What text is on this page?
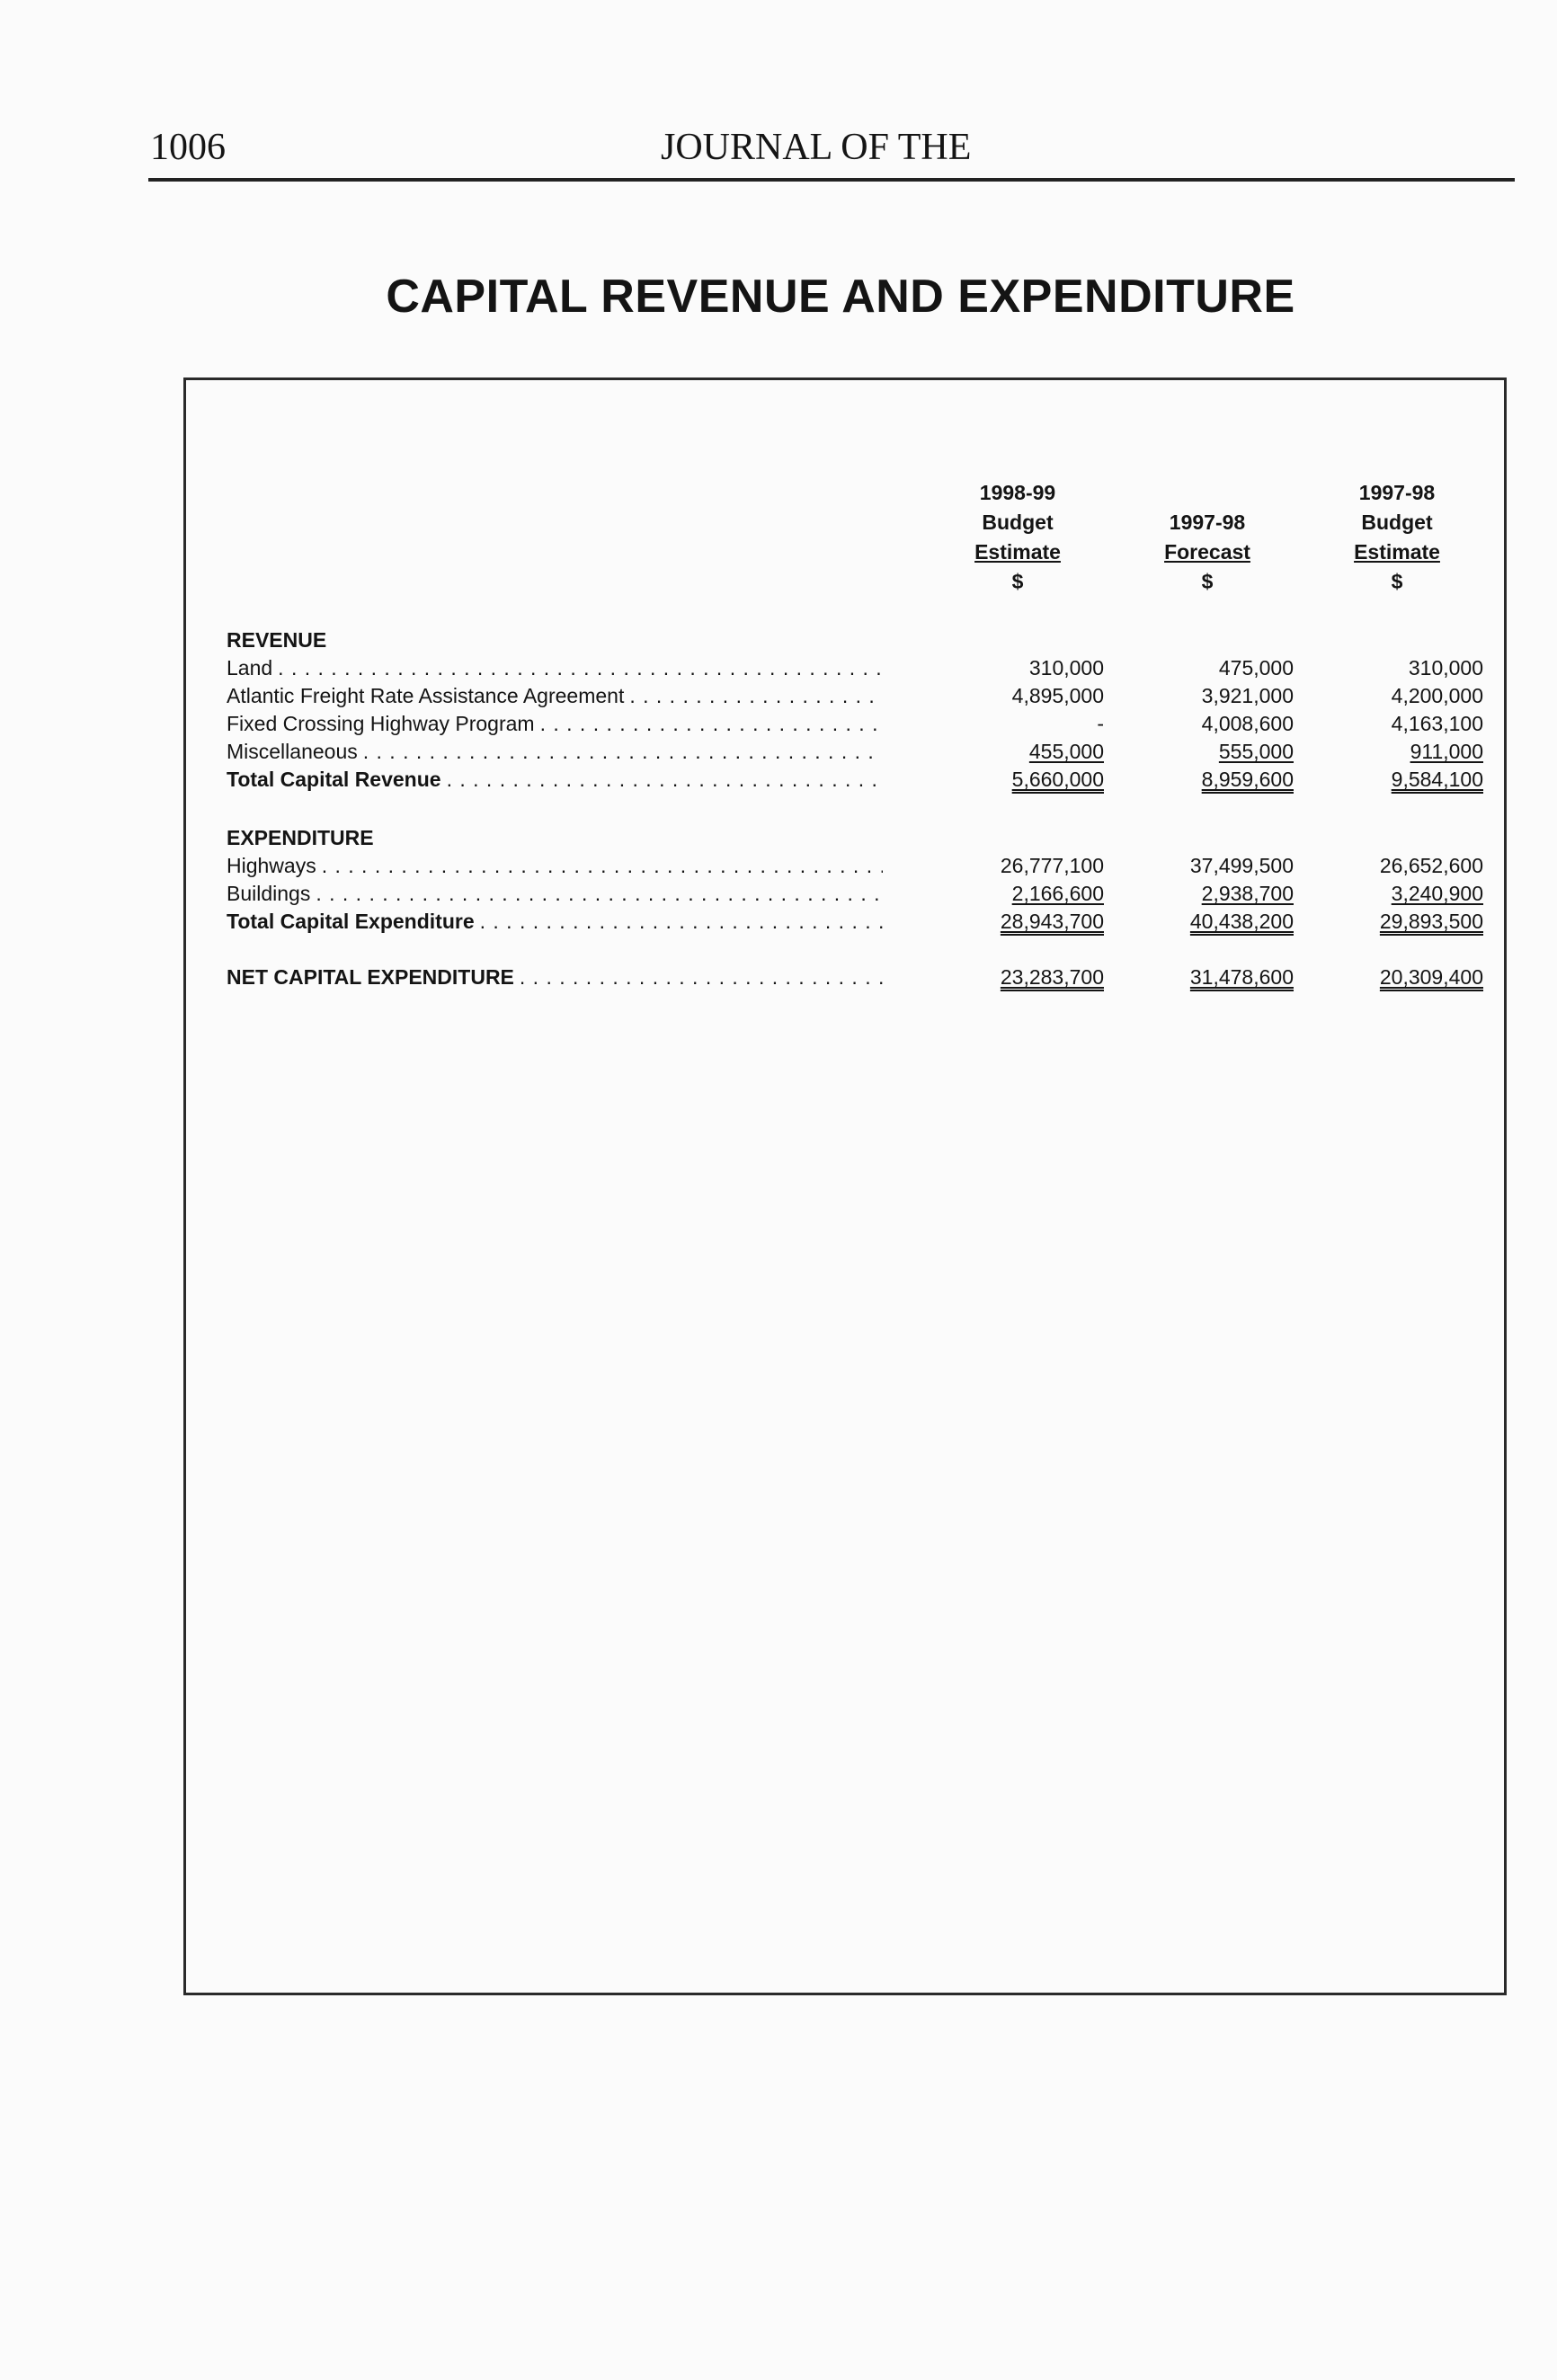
1006	JOURNAL OF THE
CAPITAL REVENUE AND EXPENDITURE
1998-99
Budget
Estimate
$

1997-98
Forecast
$
1997-98
Budget
Estimate
$
REVENUE
Land . . .	310,000	475,000	310,000
Atlantic Freight Rate Assistance Agreement . . .	4,895,000	3,921,000	4,200,000
Fixed Crossing Highway Program . . .	-	4,008,600	4,163,100
Miscellaneous . . .	455,000	555,000	911,000
Total Capital Revenue . . .	5,660,000	8,959,600	9,584,100
EXPENDITURE
Highways . . .	26,777,100	37,499,500	26,652,600
Buildings . . .	2,166,600	2,938,700	3,240,900
Total Capital Expenditure . . .	28,943,700	40,438,200	29,893,500
NET CAPITAL EXPENDITURE . . .	23,283,700	31,478,600	20,309,400
